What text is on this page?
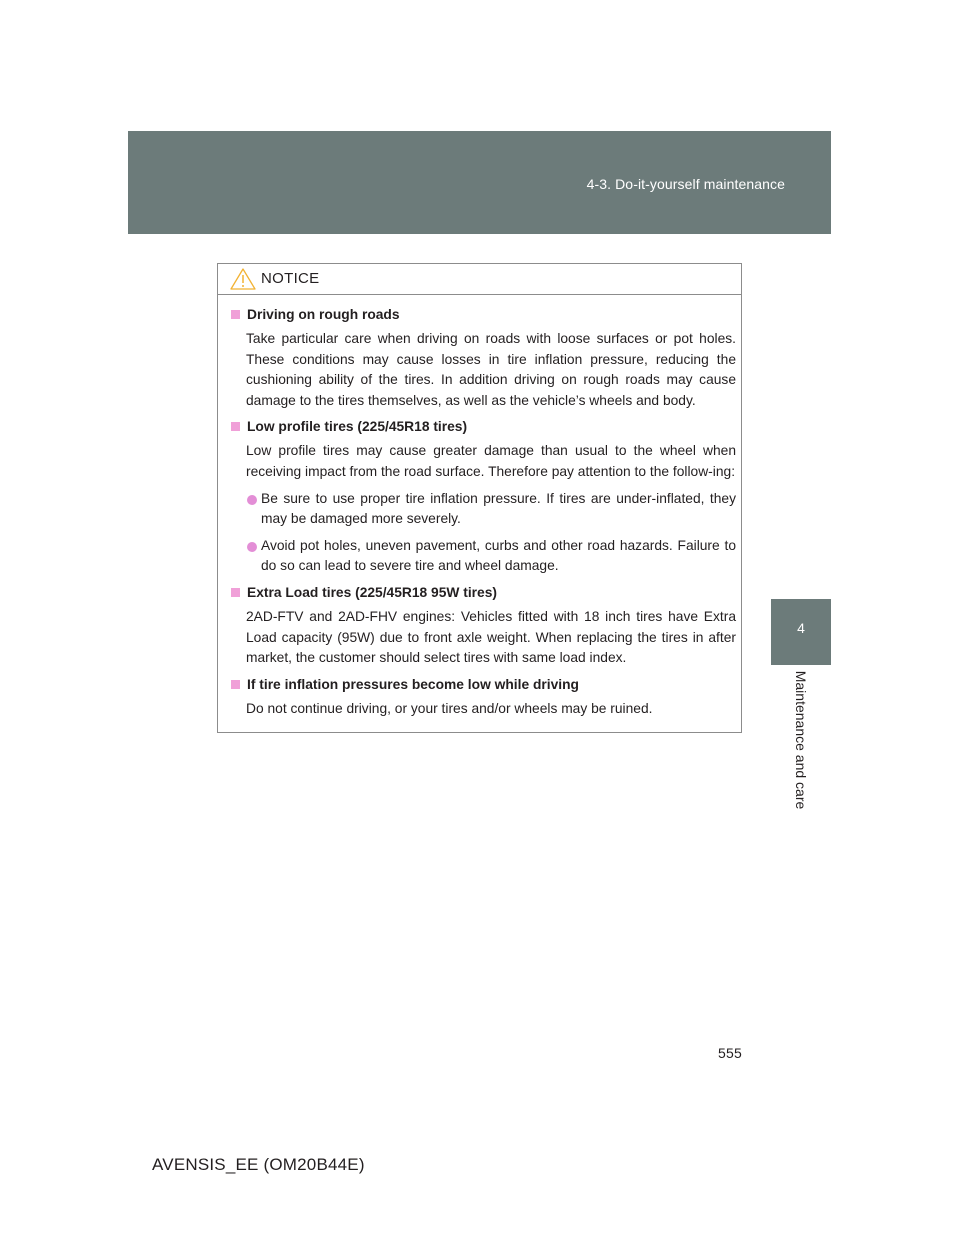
4-3. Do-it-yourself maintenance
4
Maintenance and care
NOTICE
Driving on rough roads
Take particular care when driving on roads with loose surfaces or pot holes. These conditions may cause losses in tire inflation pressure, reducing the cushioning ability of the tires. In addition driving on rough roads may cause damage to the tires themselves, as well as the vehicle’s wheels and body.
Low profile tires (225/45R18 tires)
Low profile tires may cause greater damage than usual to the wheel when receiving impact from the road surface. Therefore pay attention to the follow-ing:
Be sure to use proper tire inflation pressure. If tires are under-inflated, they may be damaged more severely.
Avoid pot holes, uneven pavement, curbs and other road hazards. Failure to do so can lead to severe tire and wheel damage.
Extra Load tires (225/45R18 95W tires)
2AD-FTV and 2AD-FHV engines: Vehicles fitted with 18 inch tires have Extra Load capacity (95W) due to front axle weight. When replacing the tires in after market, the customer should select tires with same load index.
If tire inflation pressures become low while driving
Do not continue driving, or your tires and/or wheels may be ruined.
555
AVENSIS_EE (OM20B44E)
